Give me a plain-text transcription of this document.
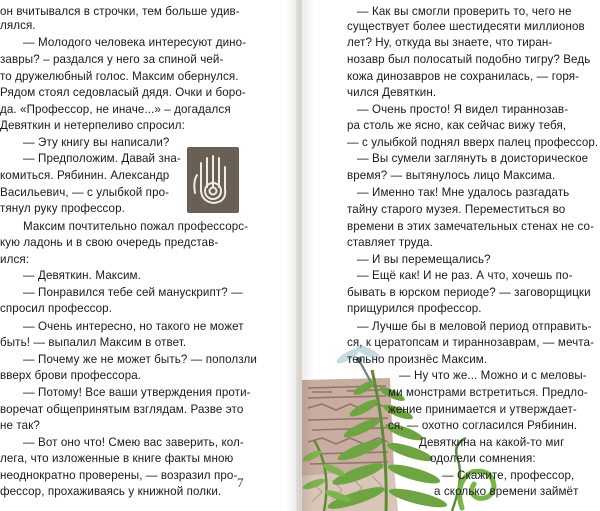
он вчитывался в строчки, тем больше удив-
лялся.
— Молодого человека интересуют дино-
завры? – раздался у него за спиной чей-
то дружелюбный голос. Максим обернулся.
Рядом стоял седовласый дядя. Очки и боро-
да. «Профессор, не иначе...» – догадался
Девяткин и нетерпеливо спросил:
— Эту книгу вы написали?
— Предположим. Давай зна-
комиться. Рябинин. Александр
Васильевич, — с улыбкой про-
тянул руку профессор.
Максим почтительно пожал профессорс-
кую ладонь и в свою очередь представ-
ился:
— Девяткин. Максим.
— Понравился тебе сей манускрипт? —
спросил профессор.
— Очень интересно, но такого не может
быть! — выпалил Максим в ответ.
— Почему же не может быть? — поползли
вверх брови профессора.
— Потому! Все ваши утверждения проти-
воречат общепринятым взглядам. Разве это
не так?
— Вот оно что! Смею вас заверить, кол-
лега, что изложенные в книге факты мною
неоднократно проверены, — возразил про-
фессор, прохаживаясь у книжной полки.
7
— Как вы смогли проверить то, чего не
существует более шестидесяти миллионов
лет? Ну, откуда вы знаете, что тиран-
нозавр был полосатый подобно тигру? Ведь
кожа динозавров не сохранилась, — горя-
чился Девяткин.
— Очень просто! Я видел тираннозав-
ра столь же ясно, как сейчас вижу тебя,
— с улыбкой поднял вверх палец профессор.
— Вы сумели заглянуть в доисторическое
время? — вытянулось лицо Максима.
— Именно так! Мне удалось разгадать
тайну старого музея. Переместиться во
времени в этих замечательных стенах не со-
ставляет труда.
— И вы перемещались?
— Ещё как! И не раз. А что, хочешь по-
бывать в юрском периоде? — заговорщицки
прищурился профессор.
— Лучше бы в меловой период отправить-
ся, к цератопсам и тираннозаврам, — мечта-
тельно произнёс Максим.
— Ну что же... Можно и с меловы-
ми монстрами встретиться. Предло-
жение принимается и утверждает-
ся, — охотно согласился Рябинин.
Девяткина на какой-то миг
одолели сомнения:
— Скажите, профессор,
а сколько времени займёт
